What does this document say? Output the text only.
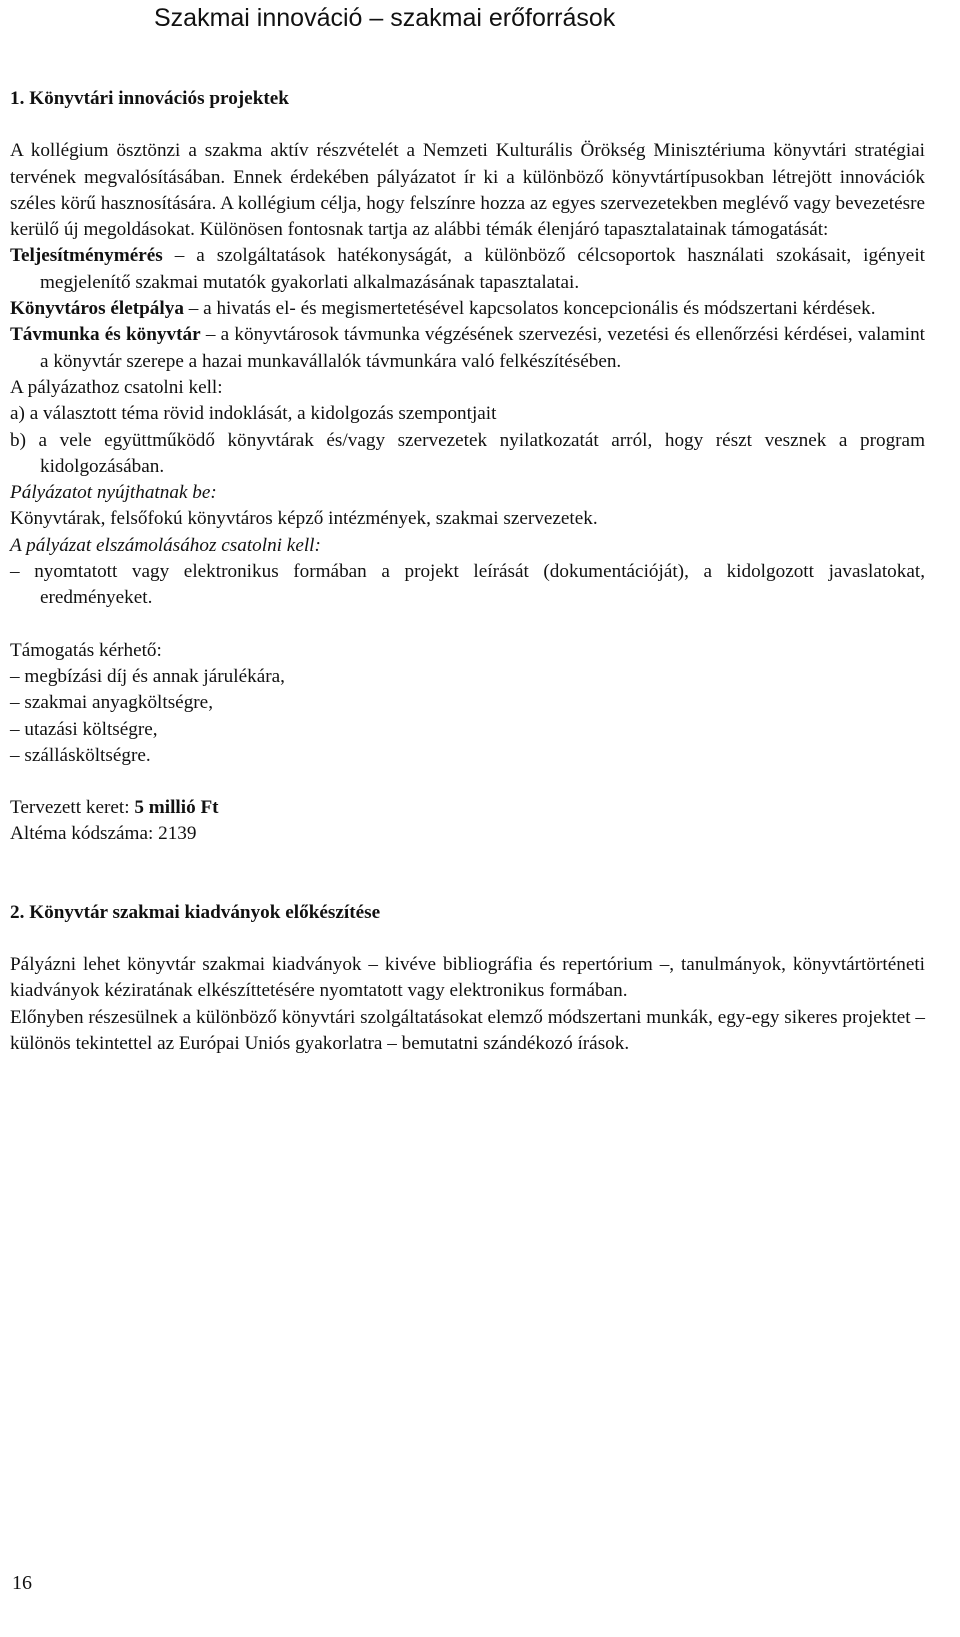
Szakmai innováció – szakmai erőforrások

1. Könyvtári innovációs projektek

A kollégium ösztönzi a szakma aktív részvételét a Nemzeti Kulturális Örökség Minisztériuma könyvtári stratégiai tervének megvalósításában. Ennek érdekében pályázatot ír ki a különböző könyvtártípusokban létrejött innovációk széles körű hasznosítására. A kollégium célja, hogy felszínre hozza az egyes szervezetekben meglévő vagy bevezetésre kerülő új megoldásokat. Különösen fontosnak tartja az alábbi témák élenjáró tapasztalatainak támogatását:

Teljesítménymérés – a szolgáltatások hatékonyságát, a különböző célcsoportok használati szokásait, igényeit megjelenítő szakmai mutatók gyakorlati alkalmazásának tapasztalatai.

Könyvtáros életpálya – a hivatás el- és megismertetésével kapcsolatos koncepcionális és módszertani kérdések.

Távmunka és könyvtár – a könyvtárosok távmunka végzésének szervezési, vezetési és ellenőrzési kérdései, valamint a könyvtár szerepe a hazai munkavállalók távmunkára való felkészítésében.

A pályázathoz csatolni kell:

a) a választott téma rövid indoklását, a kidolgozás szempontjait

b) a vele együttműködő könyvtárak és/vagy szervezetek nyilatkozatát arról, hogy részt vesznek a program kidolgozásában.

Pályázatot nyújthatnak be:

Könyvtárak, felsőfokú könyvtáros képző intézmények, szakmai szervezetek.

A pályázat elszámolásához csatolni kell:

– nyomtatott vagy elektronikus formában a projekt leírását (dokumentációját), a kidolgozott javaslatokat, eredményeket.

Támogatás kérhető:

– megbízási díj és annak járulékára,

– szakmai anyagköltségre,

– utazási költségre,

– szállásköltségre.

Tervezett keret: 5 millió Ft

Altéma kódszáma: 2139

2. Könyvtár szakmai kiadványok előkészítése

Pályázni lehet könyvtár szakmai kiadványok – kivéve bibliográfia és repertórium –, tanulmányok, könyvtártörténeti kiadványok kéziratának elkészíttetésére nyomtatott vagy elektronikus formában.

Előnyben részesülnek a különböző könyvtári szolgáltatásokat elemző módszertani munkák, egy-egy sikeres projektet – különös tekintettel az Európai Uniós gyakorlatra – bemutatni szándékozó írások.

16
